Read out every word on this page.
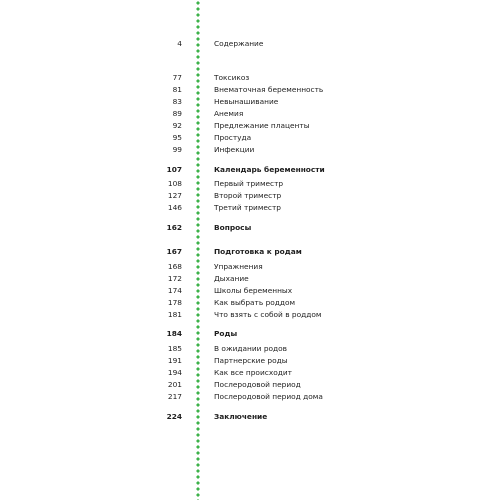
4	Содержание
77	Токсикоз
81	Внематочная беременность
83	Невынашивание
89	Анемия
92	Предлежание плаценты
95	Простуда
99	Инфекции
107	Календарь беременности
108	Первый триместр
127	Второй триместр
146	Третий триместр
162	Вопросы
167	Подготовка к родам
168	Упражнения
172	Дыхание
174	Школы беременных
178	Как выбрать роддом
181	Что взять с собой в роддом
184	Роды
185	В ожидании родов
191	Партнерские роды
194	Как все происходит
201	Послеродовой период
217	Послеродовой период дома
224	Заключение
